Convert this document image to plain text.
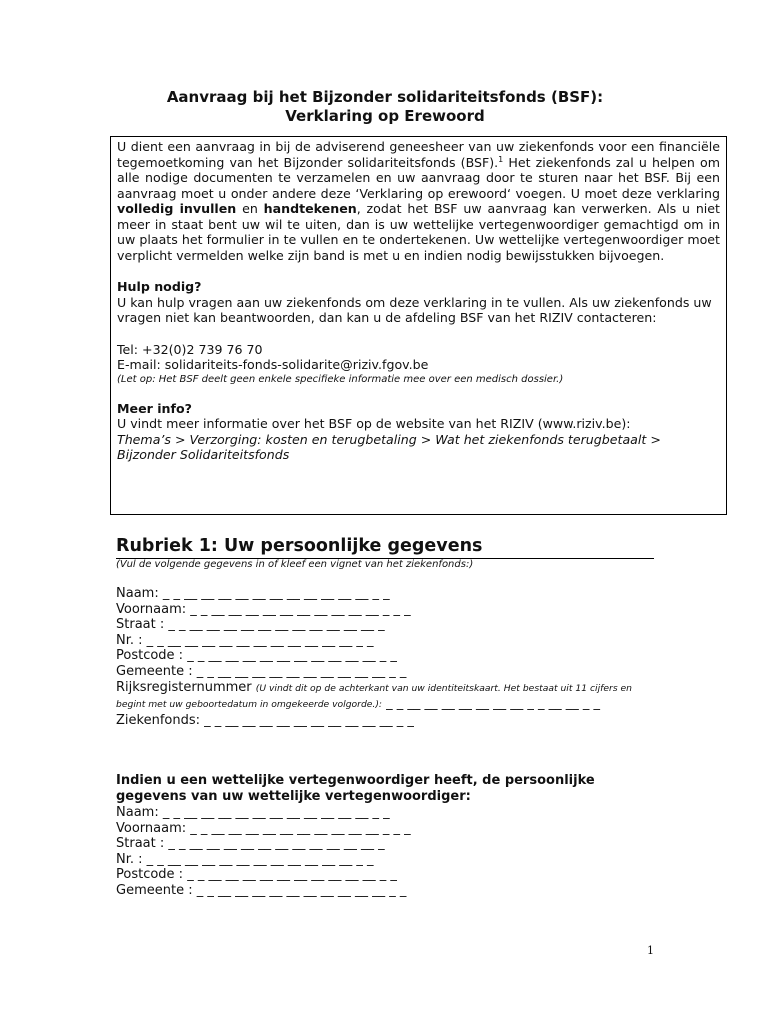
Aanvraag bij het Bijzonder solidariteitsfonds (BSF):
Verklaring op Erewoord

U dient een aanvraag in bij de adviserend geneesheer van uw ziekenfonds voor een financiële tegemoetkoming van het Bijzonder solidariteitsfonds (BSF).$^1$ Het ziekenfonds zal u helpen om alle nodige documenten te verzamelen en uw aanvraag door te sturen naar het BSF. Bij een aanvraag moet u onder andere deze ‘Verklaring op erewoord‘ voegen. U moet deze verklaring volledig invullen en handtekenen, zodat het BSF uw aanvraag kan verwerken. Als u niet meer in staat bent uw wil te uiten, dan is uw wettelijke vertegenwoordiger gemachtigd om in uw plaats het formulier in te vullen en te ondertekenen. Uw wettelijke vertegenwoordiger moet verplicht vermelden welke zijn band is met u en indien nodig bewijsstukken bijvoegen.

Hulp nodig?

U kan hulp vragen aan uw ziekenfonds om deze verklaring in te vullen. Als uw ziekenfonds uw vragen niet kan beantwoorden, dan kan u de afdeling BSF van het RIZIV contacteren:

Tel: +32(0)2 739 76 70

E-mail: solidariteits-fonds-solidarite@riziv.fgov.be

(Let op: Het BSF deelt geen enkele specifieke informatie mee over een medisch dossier.)

Meer info?

U vindt meer informatie over het BSF op de website van het RIZIV (www.riziv.be):

Thema’s > Verzorging: kosten en terugbetaling > Wat het ziekenfonds terugbetaalt > Bijzonder Solidariteitsfonds

Rubriek 1: Uw persoonlijke gegevens
(Vul de volgende gegevens in of kleef een vignet van het ziekenfonds:)

Naam: _ _ __ __ __ __ __ __ __ __ __ __ __ _ _

Voornaam: _ _ __ __ __ __ __ __ __ __ __ __ _ _ _

Straat : _ _ __ __ __ __ __ __ __ __ __ __ __ _

Nr. : _ _ __ __ __ __ __ __ __ __ __ __ __ _ _

Postcode : _ _ __ __ __ __ __ __ __ __ __ __ _ _

Gemeente : _ _ __ __ __ __ __ __ __ __ __ __ _ _

Rijksregisternummer (U vindt dit op de achterkant van uw identiteitskaart. Het bestaat uit 11 cijfers en begint met uw geboortedatum in omgekeerde volgorde.): _ _ __ __ __ __ __ __ __ _ _ __ __ _ _

Ziekenfonds: _ _ __ __ __ __ __ __ __ __ __ __ _ _

Indien u een wettelijke vertegenwoordiger heeft, de persoonlijke gegevens van uw wettelijke vertegenwoordiger:

Naam: _ _ __ __ __ __ __ __ __ __ __ __ __ _ _

Voornaam: _ _ __ __ __ __ __ __ __ __ __ __ _ _ _

Straat : _ _ __ __ __ __ __ __ __ __ __ __ __ _

Nr. : _ _ __ __ __ __ __ __ __ __ __ __ __ _ _

Postcode : _ _ __ __ __ __ __ __ __ __ __ __ _ _

Gemeente : _ _ __ __ __ __ __ __ __ __ __ __ _ _

1
